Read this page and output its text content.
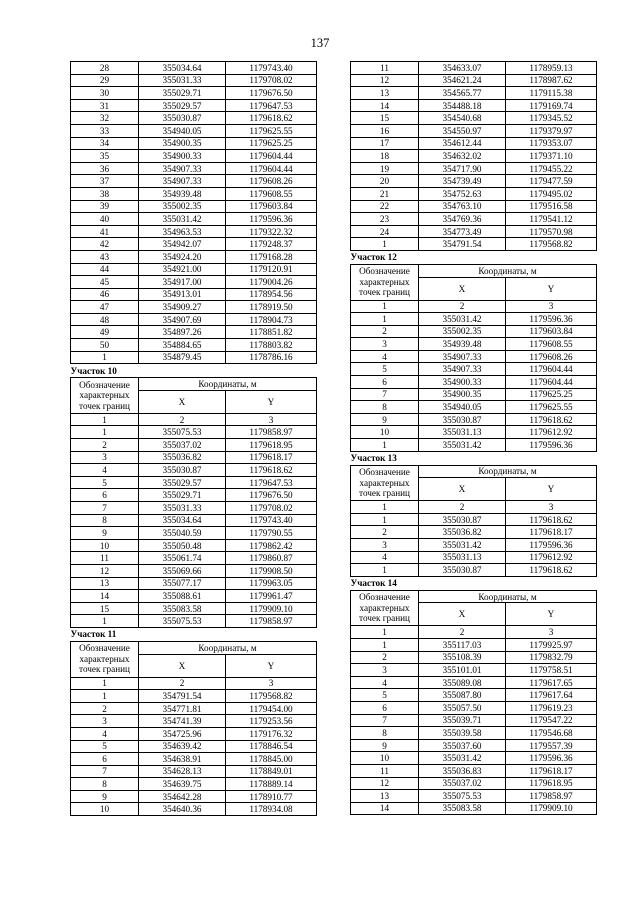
137
28	355034.64	1179743.40
29	355031.33	1179708.02
30	355029.71	1179676.50
31	355029.57	1179647.53
32	355030.87	1179618.62
33	354940.05	1179625.55
34	354900.35	1179625.25
35	354900.33	1179604.44
36	354907.33	1179604.44
37	354907.33	1179608.26
38	354939.48	1179608.55
39	355002.35	1179603.84
40	355031.42	1179596.36
41	354963.53	1179322.32
42	354942.07	1179248.37
43	354924.20	1179168.28
44	354921.00	1179120.91
45	354917.00	1179004.26
46	354913.01	1178954.56
47	354909.27	1178919.50
48	354907.69	1178904.73
49	354897.26	1178851.82
50	354884.65	1178803.82
1	354879.45	1178786.16
Участок 10		
Обозначение характерных точек границ	Координаты, м	
	X	Y
1	2	3
1	355075.53	1179858.97
2	355037.02	1179618.95
3	355036.82	1179618.17
4	355030.87	1179618.62
5	355029.57	1179647.53
6	355029.71	1179676.50
7	355031.33	1179708.02
8	355034.64	1179743.40
9	355040.59	1179790.55
10	355050.48	1179862.42
11	355061.74	1179860.87
12	355069.66	1179908.50
13	355077.17	1179963.05
14	355088.61	1179961.47
15	355083.58	1179909.10
1	355075.53	1179858.97
Участок 11		
Обозначение характерных точек границ	Координаты, м	
	X	Y
1	2	3
1	354791.54	1179568.82
2	354771.81	1179454.00
3	354741.39	1179253.56
4	354725.96	1179176.32
5	354639.42	1178846.54
6	354638.91	1178845.00
7	354628.13	1178849.01
8	354639.75	1178889.14
9	354642.28	1178910.77
10	354640.36	1178934.08
11	354633.07	1178959.13
12	354621.24	1178987.62
13	354565.77	1179115.38
14	354488.18	1179169.74
15	354540.68	1179345.52
16	354550.97	1179379.97
17	354612.44	1179353.07
18	354632.02	1179371.10
19	354717.90	1179455.22
20	354739.49	1179477.59
21	354752.63	1179495.02
22	354763.10	1179516.58
23	354769.36	1179541.12
24	354773.49	1179570.98
1	354791.54	1179568.82
Участок 12		
Обозначение характерных точек границ	Координаты, м	
	X	Y
1	2	3
1	355031.42	1179596.36
2	355002.35	1179603.84
3	354939.48	1179608.55
4	354907.33	1179608.26
5	354907.33	1179604.44
6	354900.33	1179604.44
7	354900.35	1179625.25
8	354940.05	1179625.55
9	355030.87	1179618.62
10	355031.13	1179612.92
1	355031.42	1179596.36
Участок 13		
Обозначение характерных точек границ	Координаты, м	
	X	Y
1	2	3
1	355030.87	1179618.62
2	355036.82	1179618.17
3	355031.42	1179596.36
4	355031.13	1179612.92
1	355030.87	1179618.62
Участок 14		
Обозначение характерных точек границ	Координаты, м	
	X	Y
1	2	3
1	355117.03	1179925.97
2	355108.39	1179832.79
3	355101.01	1179758.51
4	355089.08	1179617.65
5	355087.80	1179617.64
6	355057.50	1179619.23
7	355039.71	1179547.22
8	355039.58	1179546.68
9	355037.60	1179557.39
10	355031.42	1179596.36
11	355036.83	1179618.17
12	355037.02	1179618.95
13	355075.53	1179858.97
14	355083.58	1179909.10
